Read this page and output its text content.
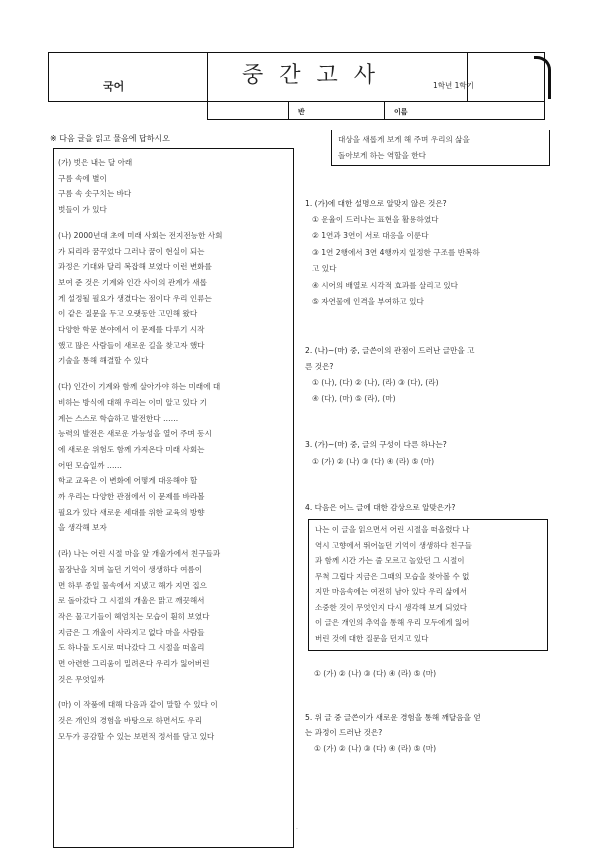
국어	중간고사	1학년 1학기
반	이름
※ 다음 글을 읽고 물음에 답하시오
(가) 벗은 내는 달 아래
구름 속에 별이
구름 속 솟구치는 바다
벗들이 가 있다
(나) 2000년대 초에 미래 사회는 전지전능한 사회
가 되리라 꿈꾸었다 그러나 꿈이 현실이 되는
과정은 기대와 달리 복잡해 보였다 이런 변화를
보여 준 것은 기계와 인간 사이의 관계가 새롭
게 설정될 필요가 생겼다는 점이다 우리 인류는
이 같은 질문을 두고 오랫동안 고민해 왔다
다양한 학문 분야에서 이 문제를 다루기 시작
했고 많은 사람들이 새로운 길을 찾고자 했다
기술을 통해 해결할 수 있다
(다) 인간이 기계와 함께 살아가야 하는 미래에 대
비하는 방식에 대해 우리는 이미 알고 있다 기
계는 스스로 학습하고 발전한다 ……
능력의 발전은 새로운 가능성을 열어 주며 동시
에 새로운 위험도 함께 가져온다 미래 사회는
어떤 모습일까 ……
학교 교육은 이 변화에 어떻게 대응해야 할
까 우리는 다양한 관점에서 이 문제를 바라볼
필요가 있다 새로운 세대를 위한 교육의 방향
을 생각해 보자
(라) 나는 어린 시절 마을 앞 개울가에서 친구들과
물장난을 치며 놀던 기억이 생생하다 여름이
면 하루 종일 물속에서 지냈고 해가 지면 집으
로 돌아갔다 그 시절의 개울은 맑고 깨끗해서
작은 물고기들이 헤엄치는 모습이 훤히 보였다
지금은 그 개울이 사라지고 없다 마을 사람들
도 하나둘 도시로 떠나갔다 그 시절을 떠올리
면 아련한 그리움이 밀려온다 우리가 잃어버린
것은 무엇일까
(마) 이 작품에 대해 다음과 같이 말할 수 있다 이
것은 개인의 경험을 바탕으로 하면서도 우리
모두가 공감할 수 있는 보편적 정서를 담고 있다
대상을 새롭게 보게 해 주며 우리의 삶을
돌아보게 하는 역할을 한다
1. (가)에 대한 설명으로 알맞지 않은 것은?
① 운율이 드러나는 표현을 활용하였다
② 1연과 3연이 서로 대응을 이룬다
③ 1연 2행에서 3연 4행까지 일정한 구조를 반복하
고 있다
④ 시어의 배열로 시각적 효과를 살리고 있다
⑤ 자연물에 인격을 부여하고 있다
2. (나)~(마) 중, 글쓴이의 관점이 드러난 글만을 고
른 것은?
① (나), (다) ② (나), (라) ③ (다), (라)
④ (다), (마) ⑤ (라), (마)
3. (가)~(마) 중, 글의 구성이 다른 하나는?
① (가) ② (나) ③ (다) ④ (라) ⑤ (마)
4. 다음은 어느 글에 대한 감상으로 알맞은가?
나는 이 글을 읽으면서 어린 시절을 떠올렸다 나
역시 고향에서 뛰어놀던 기억이 생생하다 친구들
과 함께 시간 가는 줄 모르고 놀았던 그 시절이
무척 그립다 지금은 그때의 모습을 찾아볼 수 없
지만 마음속에는 여전히 남아 있다 우리 삶에서
소중한 것이 무엇인지 다시 생각해 보게 되었다
이 글은 개인의 추억을 통해 우리 모두에게 잃어
버린 것에 대한 질문을 던지고 있다
① (가) ② (나) ③ (다) ④ (라) ⑤ (마)
5. 위 글 중 글쓴이가 새로운 경험을 통해 깨달음을 얻
는 과정이 드러난 것은?
① (가) ② (나) ③ (다) ④ (라) ⑤ (마)
·
